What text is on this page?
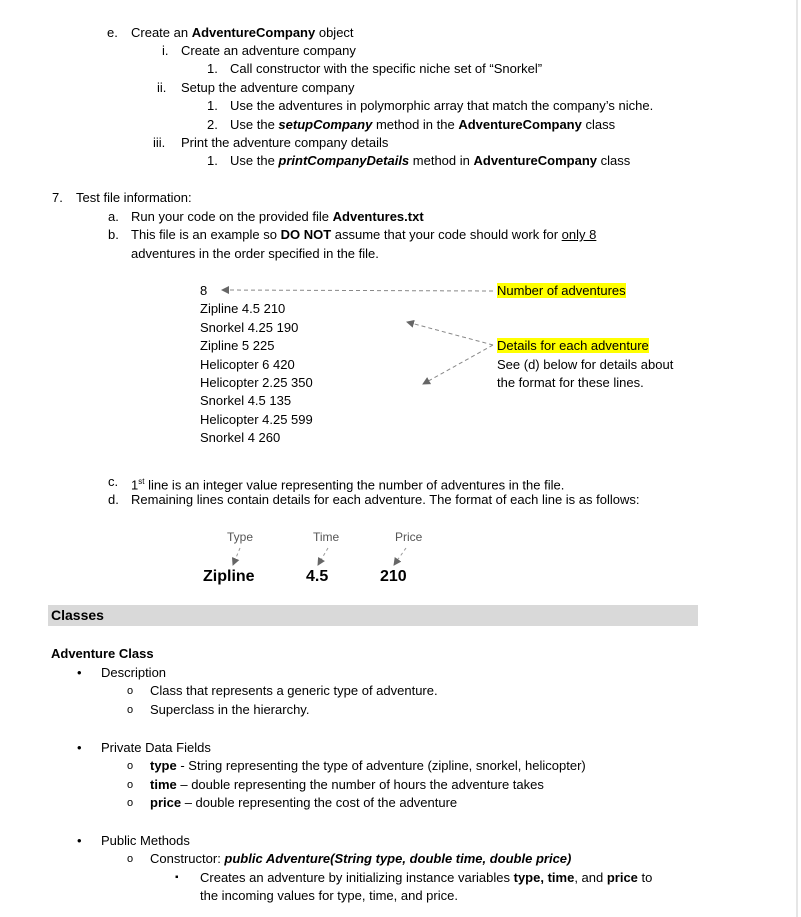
e. Create an AdventureCompany object
i. Create an adventure company
1. Call constructor with the specific niche set of “Snorkel”
ii. Setup the adventure company
1. Use the adventures in polymorphic array that match the company’s niche.
2. Use the setupCompany method in the AdventureCompany class
iii. Print the adventure company details
1. Use the printCompanyDetails method in AdventureCompany class
7. Test file information:
a. Run your code on the provided file Adventures.txt
b. This file is an example so DO NOT assume that your code should work for only 8
adventures in the order specified in the file.
8
Zipline 4.5 210
Snorkel 4.25 190
Zipline 5 225
Helicopter 6 420
Helicopter 2.25 350
Snorkel 4.5 135
Helicopter 4.25 599
Snorkel 4 260
Number of adventures
Details for each adventure
See (d) below for details about
the format for these lines.
c. 1st line is an integer value representing the number of adventures in the file.
d. Remaining lines contain details for each adventure. The format of each line is as follows:
Type	Time	Price
Zipline	4.5	210
Classes
Adventure Class
• Description
o Class that represents a generic type of adventure.
o Superclass in the hierarchy.
• Private Data Fields
o type - String representing the type of adventure (zipline, snorkel, helicopter)
o time – double representing the number of hours the adventure takes
o price – double representing the cost of the adventure
• Public Methods
o Constructor: public Adventure(String type, double time, double price)
▪ Creates an adventure by initializing instance variables type, time, and price to
the incoming values for type, time, and price.
